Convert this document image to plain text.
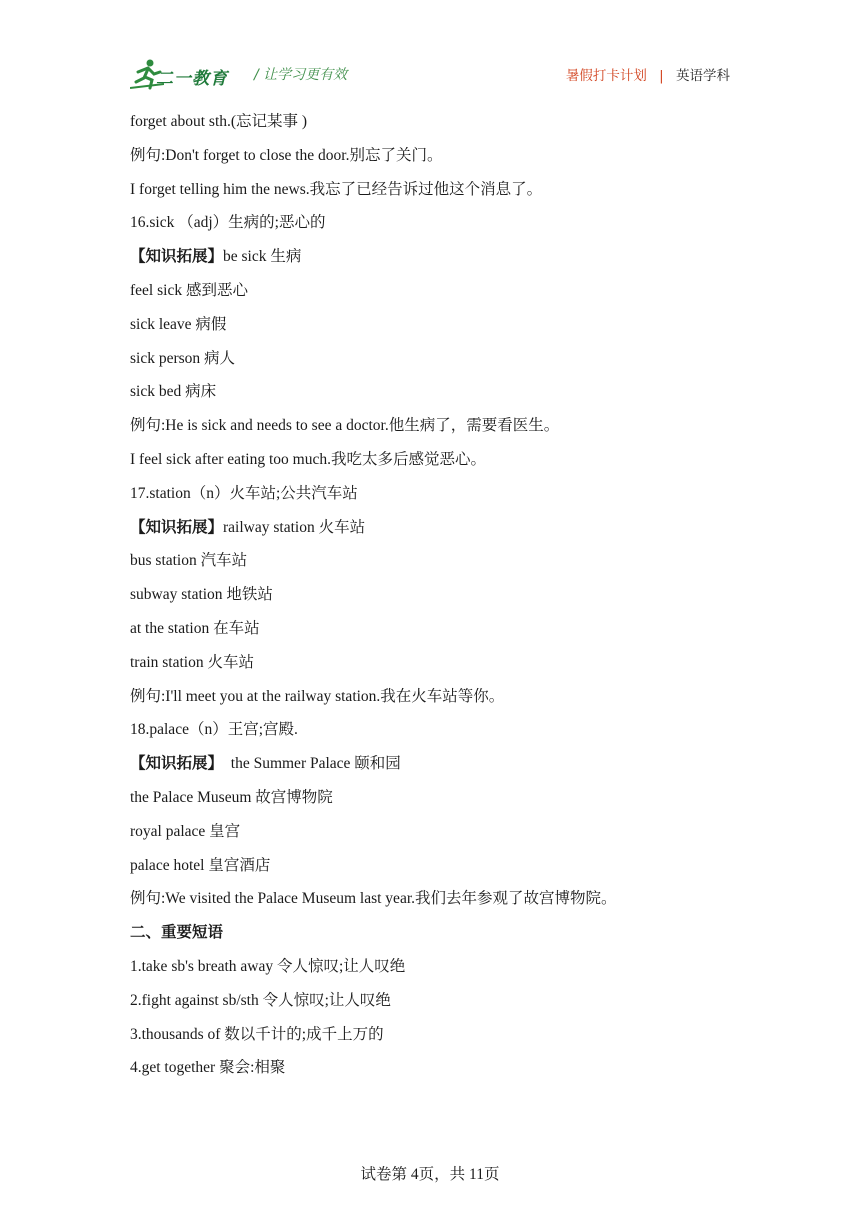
二一教育 / 让学习更有效	暑假打卡计划 | 英语学科
forget about sth.(忘记某事 )
例句:Don't forget to close the door.别忘了关门。
I forget telling him the news.我忘了已经告诉过他这个消息了。
16.sick （adj）生病的;恶心的
【知识拓展】be sick 生病
feel sick 感到恶心
sick leave 病假
sick person 病人
sick bed 病床
例句:He is sick and needs to see a doctor.他生病了，需要看医生。
I feel sick after eating too much.我吃太多后感觉恶心。
17.station（n）火车站;公共汽车站
【知识拓展】railway station 火车站
bus station 汽车站
subway station 地铁站
at the station 在车站
train station 火车站
例句:I'll meet you at the railway station.我在火车站等你。
18.palace（n）王宫;宫殿.
【知识拓展】  the Summer Palace 颐和园
the Palace Museum 故宫博物院
royal palace 皇宫
palace hotel 皇宫酒店
例句:We visited the Palace Museum last year.我们去年参观了故宫博物院。
二、重要短语
1.take sb's breath away 令人惊叹;让人叹绝
2.fight against sb/sth 令人惊叹;让人叹绝
3.thousands of 数以千计的;成千上万的
4.get together 聚会:相聚
试卷第 4页，共 11页
